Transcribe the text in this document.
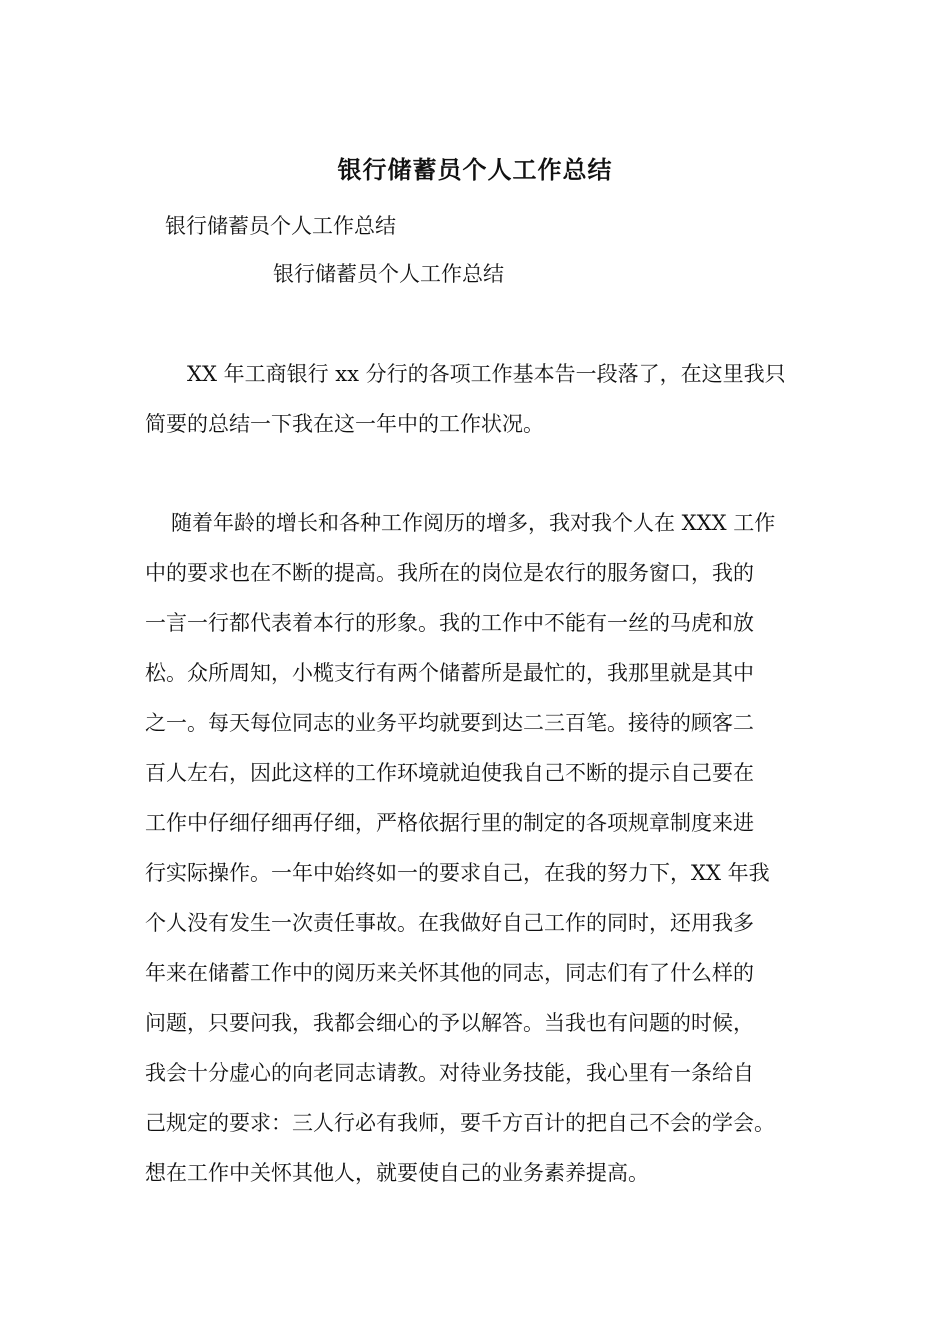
银行储蓄员个人工作总结
银行储蓄员个人工作总结
银行储蓄员个人工作总结
XX 年工商银行 xx 分行的各项工作基本告一段落了，在这里我只
简要的总结一下我在这一年中的工作状况。
随着年龄的增长和各种工作阅历的增多，我对我个人在 XXX 工作
中的要求也在不断的提高。我所在的岗位是农行的服务窗口，我的
一言一行都代表着本行的形象。我的工作中不能有一丝的马虎和放
松。众所周知，小榄支行有两个储蓄所是最忙的，我那里就是其中
之一。每天每位同志的业务平均就要到达二三百笔。接待的顾客二
百人左右，因此这样的工作环境就迫使我自己不断的提示自己要在
工作中仔细仔细再仔细，严格依据行里的制定的各项规章制度来进
行实际操作。一年中始终如一的要求自己，在我的努力下，XX 年我
个人没有发生一次责任事故。在我做好自己工作的同时，还用我多
年来在储蓄工作中的阅历来关怀其他的同志，同志们有了什么样的
问题，只要问我，我都会细心的予以解答。当我也有问题的时候，
我会十分虚心的向老同志请教。对待业务技能，我心里有一条给自
己规定的要求：三人行必有我师，要千方百计的把自己不会的学会。
想在工作中关怀其他人，就要使自己的业务素养提高。
